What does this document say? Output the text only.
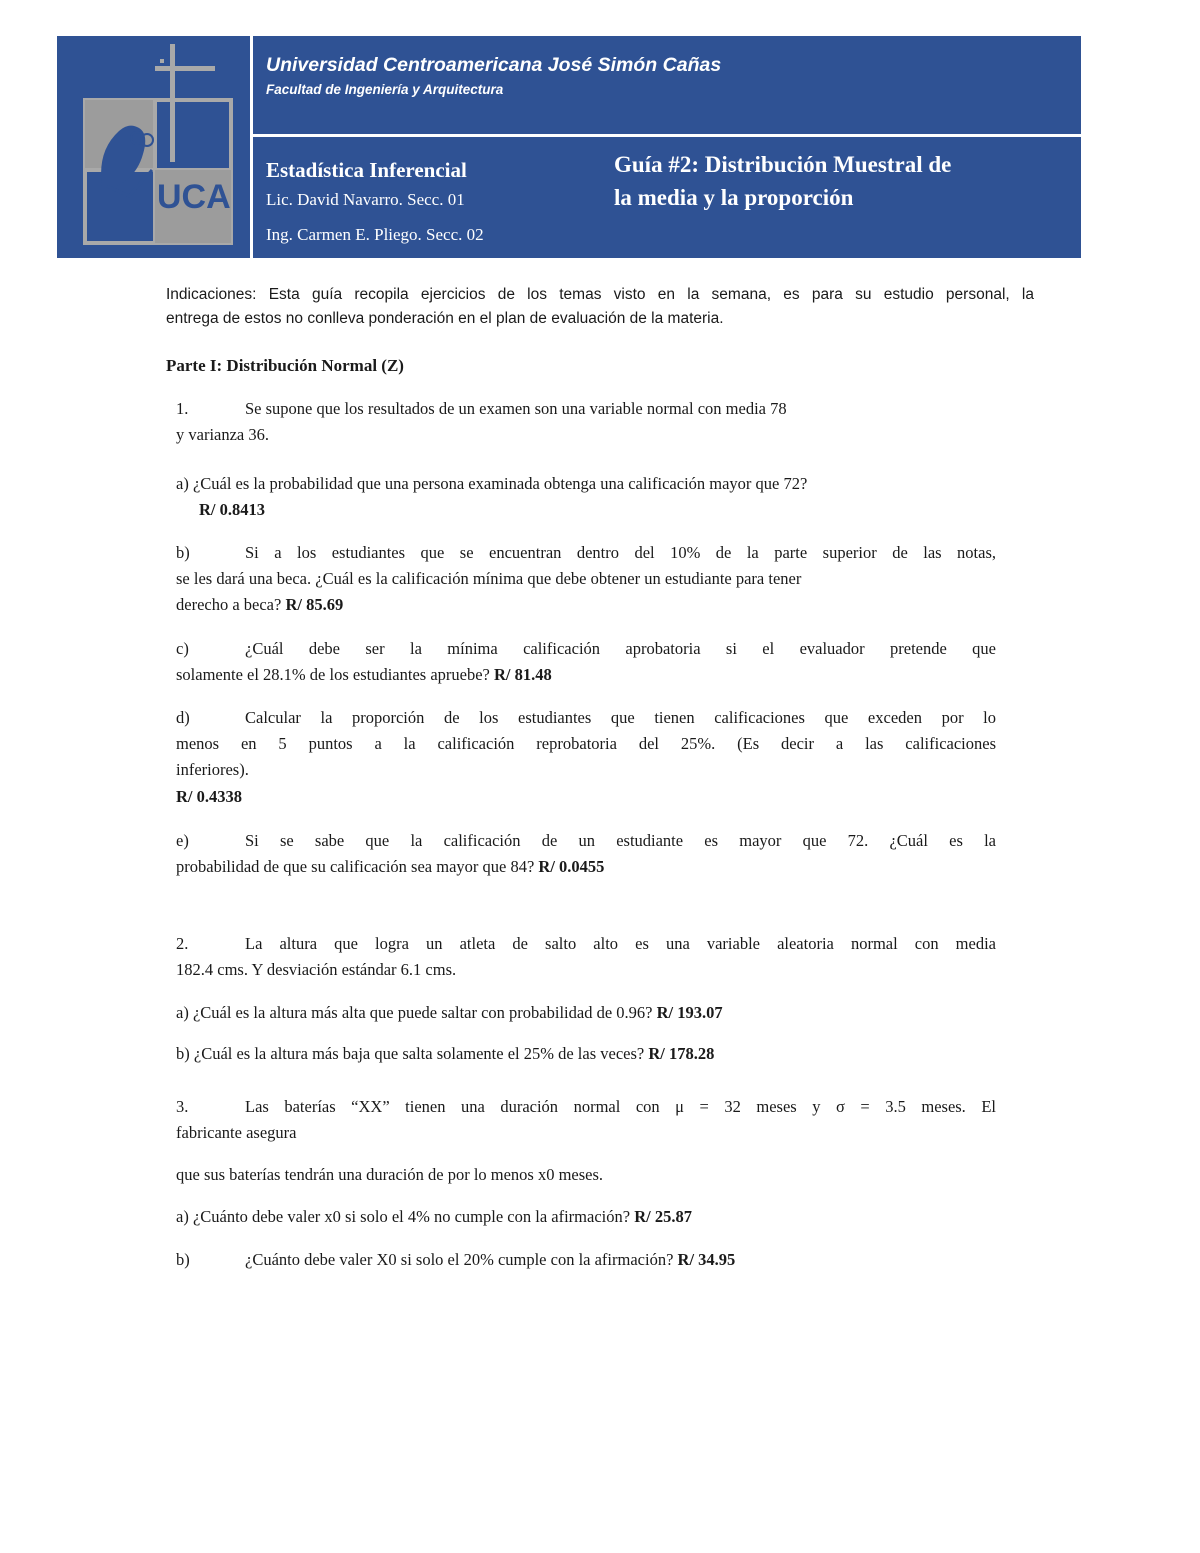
UCA
Universidad Centroamericana José Simón Cañas
Facultad de Ingeniería y Arquitectura
Estadística Inferencial
Lic. David Navarro. Secc. 01
Ing. Carmen E. Pliego. Secc. 02
Guía #2: Distribución Muestral de
la media y la proporción

Indicaciones: Esta guía recopila ejercicios de los temas visto en la semana, es para su estudio personal, la

entrega de estos no conlleva ponderación en el plan de evaluación de la materia.

Parte I: Distribución Normal (Z)
1.	Se supone que los resultados de un examen son una variable normal con media 78
y varianza 36.
a) ¿Cuál es la probabilidad que una persona examinada obtenga una calificación mayor que 72?
R/ 0.8413
b)	Si a los estudiantes que se encuentran dentro del 10% de la parte superior de las notas,
se les dará una beca. ¿Cuál es la calificación mínima que debe obtener un estudiante para tener
derecho a beca? R/ 85.69
c)	¿Cuál debe ser la mínima calificación aprobatoria si el evaluador pretende que
solamente el 28.1% de los estudiantes apruebe? R/ 81.48
d)	Calcular la proporción de los estudiantes que tienen calificaciones que exceden por lo
menos en 5 puntos a la calificación reprobatoria del 25%. (Es decir a las calificaciones
inferiores).
R/ 0.4338
e)	Si se sabe que la calificación de un estudiante es mayor que 72. ¿Cuál es la
probabilidad de que su calificación sea mayor que 84? R/ 0.0455
2.	La altura que logra un atleta de salto alto es una variable aleatoria normal con media
182.4 cms. Y desviación estándar 6.1 cms.
a) ¿Cuál es la altura más alta que puede saltar con probabilidad de 0.96? R/ 193.07
b) ¿Cuál es la altura más baja que salta solamente el 25% de las veces? R/ 178.28
3.	Las baterías “XX” tienen una duración normal con μ = 32 meses y σ = 3.5 meses. El
fabricante asegura
que sus baterías tendrán una duración de por lo menos x0 meses.
a) ¿Cuánto debe valer x0 si solo el 4% no cumple con la afirmación? R/ 25.87
b)	¿Cuánto debe valer X0 si solo el 20% cumple con la afirmación? R/ 34.95
